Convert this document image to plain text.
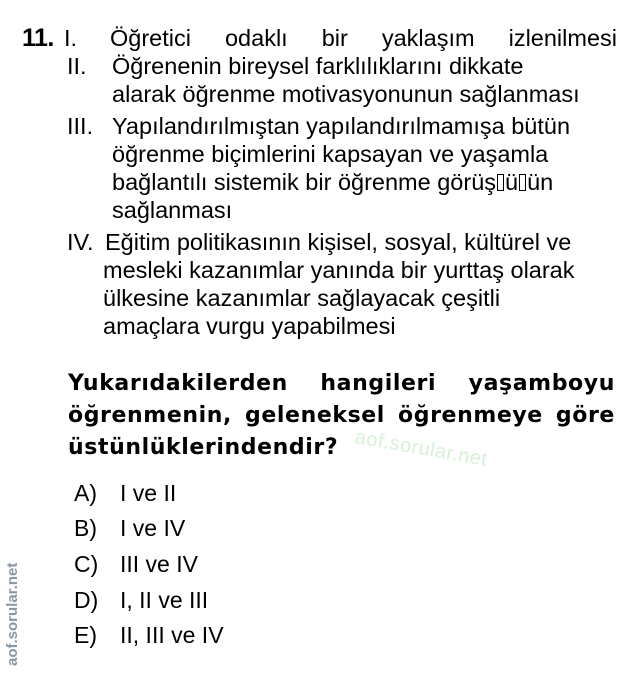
11. I. Öğretici odaklı bir yaklaşım izlenilmesi
II. Öğrenenin bireysel farklılıklarını dikkate
alarak öğrenme motivasyonunun sağlanması
III. Yapılandırılmıştan yapılandırılmamışa bütün
öğrenme biçimlerini kapsayan ve yaşamla
bağlantılı sistemik bir öğrenme görüş ü ün
sağlanması
IV. Eğitim politikasının kişisel, sosyal, kültürel ve
mesleki kazanımlar yanında bir yurttaş olarak
ülkesine kazanımlar sağlayacak çeşitli
amaçlara vurgu yapabilmesi
Yukarıdakilerden hangileri yaşamboyu
öğrenmenin, geleneksel öğrenmeye göre
üstünlüklerindendir? aof.sorular.net
A) I ve II
B) I ve IV
C) III ve IV
D) I, II ve III
E) II, III ve IV
aof.sorular.net
